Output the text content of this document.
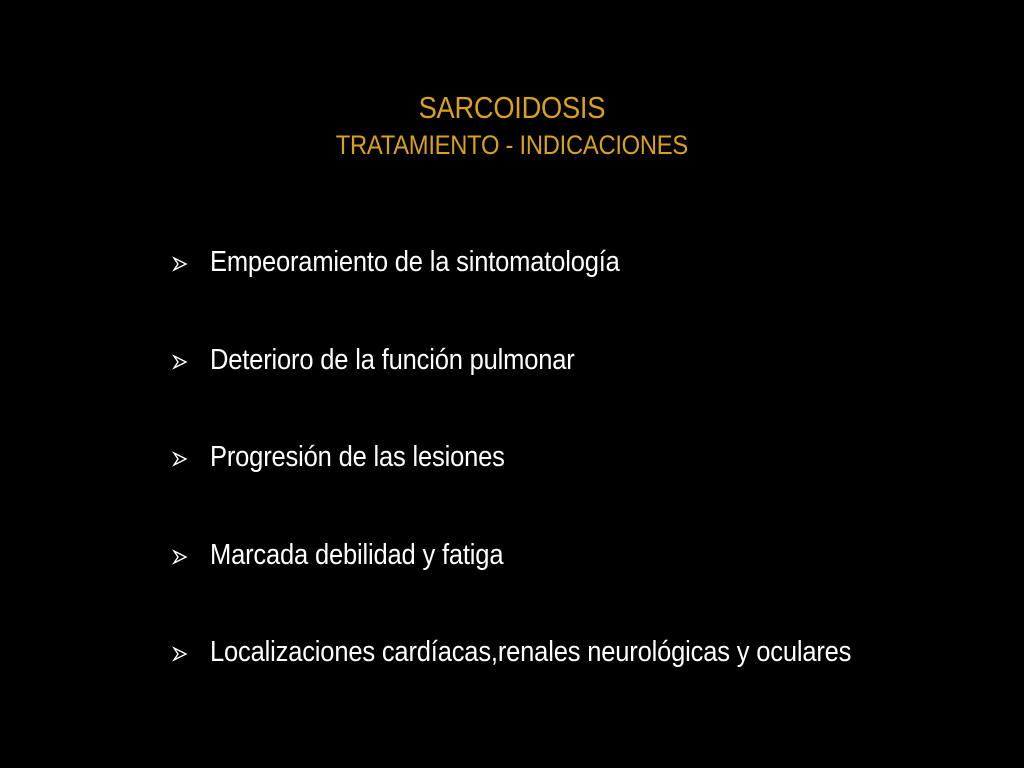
SARCOIDOSIS
TRATAMIENTO - INDICACIONES
Empeoramiento de la sintomatología
Deterioro de la función pulmonar
Progresión de las lesiones
Marcada debilidad y fatiga
Localizaciones cardíacas,renales neurológicas y oculares
